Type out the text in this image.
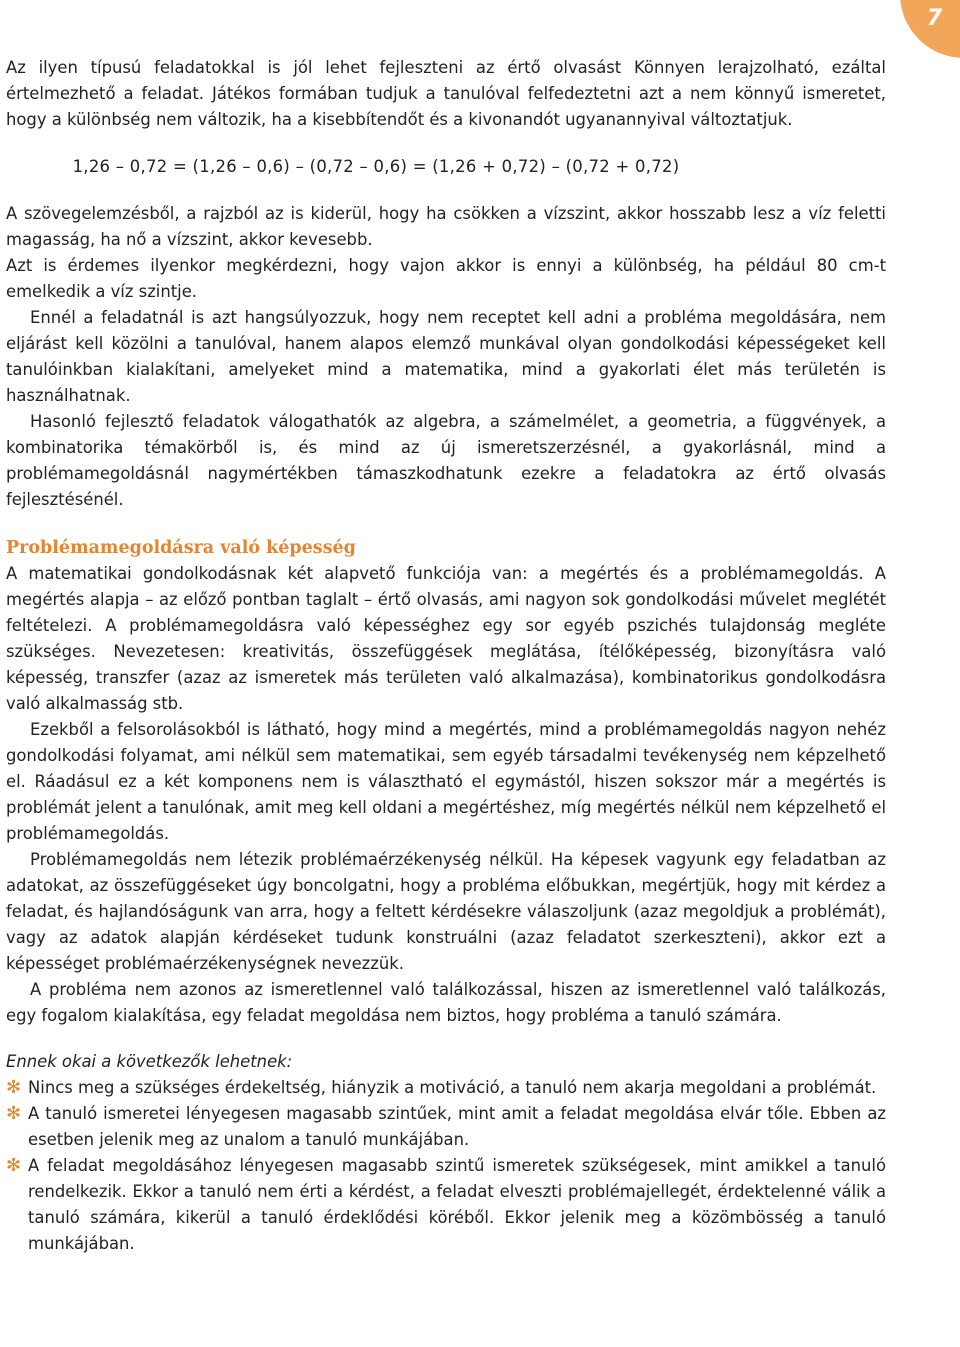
7

Az ilyen típusú feladatokkal is jól lehet fejleszteni az értő olvasást Könnyen lerajzolható, ezáltal értelmezhető a feladat. Játékos formában tudjuk a tanulóval felfedeztetni azt a nem könnyű ismeretet, hogy a különbség nem változik, ha a kisebbítendőt és a kivonandót ugyanannyival változtatjuk.

1,26 – 0,72 = (1,26 – 0,6) – (0,72 – 0,6) = (1,26 + 0,72) – (0,72 + 0,72)

A szövegelemzésből, a rajzból az is kiderül, hogy ha csökken a vízszint, akkor hosszabb lesz a víz feletti magasság, ha nő a vízszint, akkor kevesebb.

Azt is érdemes ilyenkor megkérdezni, hogy vajon akkor is ennyi a különbség, ha például 80 cm-t emelkedik a víz szintje.

Ennél a feladatnál is azt hangsúlyozzuk, hogy nem receptet kell adni a probléma megoldására, nem eljárást kell közölni a tanulóval, hanem alapos elemző munkával olyan gondolkodási képességeket kell tanulóinkban kialakítani, amelyeket mind a matematika, mind a gyakorlati élet más területén is használhatnak.

Hasonló fejlesztő feladatok válogathatók az algebra, a számelmélet, a geometria, a függvények, a kombinatorika témakörből is, és mind az új ismeretszerzésnél, a gyakorlásnál, mind a problémamegoldásnál nagymértékben támaszkodhatunk ezekre a feladatokra az értő olvasás fejlesztésénél.

Problémamegoldásra való képesség

A matematikai gondolkodásnak két alapvető funkciója van: a megértés és a problémamegoldás. A megértés alapja – az előző pontban taglalt – értő olvasás, ami nagyon sok gondolkodási művelet meglétét feltételezi. A problémamegoldásra való képességhez egy sor egyéb pszichés tulajdonság megléte szükséges. Nevezetesen: kreativitás, összefüggések meglátása, ítélőképesség, bizonyításra való képesség, transzfer (azaz az ismeretek más területen való alkalmazása), kombinatorikus gondolkodásra való alkalmasság stb.

Ezekből a felsorolásokból is látható, hogy mind a megértés, mind a problémamegoldás nagyon nehéz gondolkodási folyamat, ami nélkül sem matematikai, sem egyéb társadalmi tevékenység nem képzelhető el. Ráadásul ez a két komponens nem is választható el egymástól, hiszen sokszor már a megértés is problémát jelent a tanulónak, amit meg kell oldani a megértéshez, míg megértés nélkül nem képzelhető el problémamegoldás.

Problémamegoldás nem létezik problémaérzékenység nélkül. Ha képesek vagyunk egy feladatban az adatokat, az összefüggéseket úgy boncolgatni, hogy a probléma előbukkan, megértjük, hogy mit kérdez a feladat, és hajlandóságunk van arra, hogy a feltett kérdésekre válaszoljunk (azaz megoldjuk a problémát), vagy az adatok alapján kérdéseket tudunk konstruálni (azaz feladatot szerkeszteni), akkor ezt a képességet problémaérzékenységnek nevezzük.

A probléma nem azonos az ismeretlennel való találkozással, hiszen az ismeretlennel való találkozás, egy fogalom kialakítása, egy feladat megoldása nem biztos, hogy probléma a tanuló számára.

Ennek okai a következők lehetnek:
✻ Nincs meg a szükséges érdekeltség, hiányzik a motiváció, a tanuló nem akarja megoldani a problémát.
✻ A tanuló ismeretei lényegesen magasabb szintűek, mint amit a feladat megoldása elvár tőle. Ebben az esetben jelenik meg az unalom a tanuló munkájában.
✻ A feladat megoldásához lényegesen magasabb szintű ismeretek szükségesek, mint amikkel a tanuló rendelkezik. Ekkor a tanuló nem érti a kérdést, a feladat elveszti problémajellegét, érdektelenné válik a tanuló számára, kikerül a tanuló érdeklődési köréből. Ekkor jelenik meg a közömbösség a tanuló munkájában.
